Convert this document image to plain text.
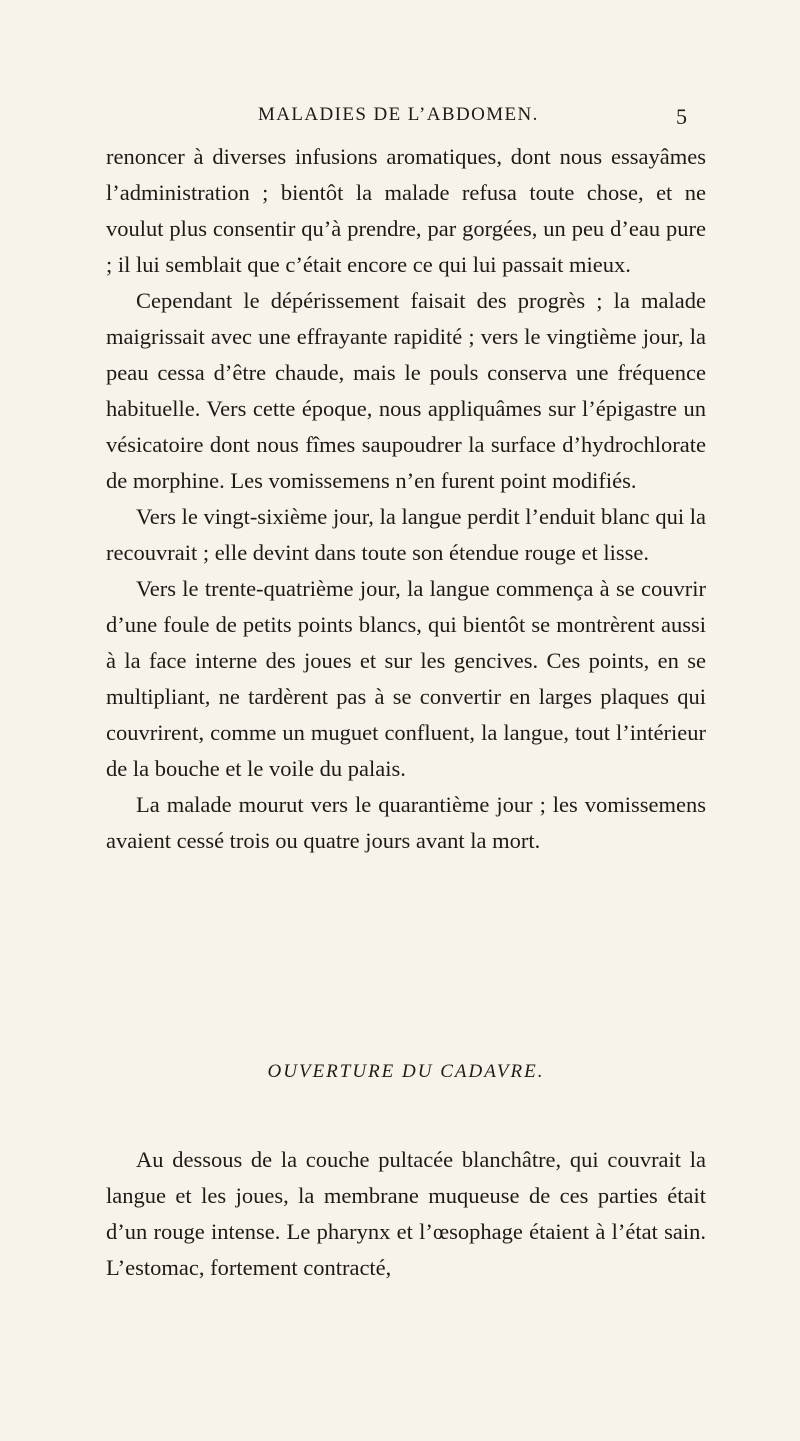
MALADIES DE L’ABDOMEN.	5

renoncer à diverses infusions aromatiques, dont nous essayâmes l’administration ; bientôt la malade refusa toute chose, et ne voulut plus consentir qu’à prendre, par gorgées, un peu d’eau pure ; il lui semblait que c’était encore ce qui lui passait mieux.

Cependant le dépérissement faisait des progrès ; la malade maigrissait avec une effrayante rapidité ; vers le vingtième jour, la peau cessa d’être chaude, mais le pouls conserva une fréquence habituelle. Vers cette époque, nous appliquâmes sur l’épigastre un vésicatoire dont nous fîmes saupoudrer la surface d’hydrochlorate de morphine. Les vomissemens n’en furent point modifiés.

Vers le vingt-sixième jour, la langue perdit l’enduit blanc qui la recouvrait ; elle devint dans toute son étendue rouge et lisse.

Vers le trente-quatrième jour, la langue commença à se couvrir d’une foule de petits points blancs, qui bientôt se montrèrent aussi à la face interne des joues et sur les gencives. Ces points, en se multipliant, ne tardèrent pas à se convertir en larges plaques qui couvrirent, comme un muguet confluent, la langue, tout l’intérieur de la bouche et le voile du palais.

La malade mourut vers le quarantième jour ; les vomissemens avaient cessé trois ou quatre jours avant la mort.

OUVERTURE DU CADAVRE.

Au dessous de la couche pultacée blanchâtre, qui couvrait la langue et les joues, la membrane muqueuse de ces parties était d’un rouge intense. Le pharynx et l’œsophage étaient à l’état sain. L’estomac, fortement contracté,
